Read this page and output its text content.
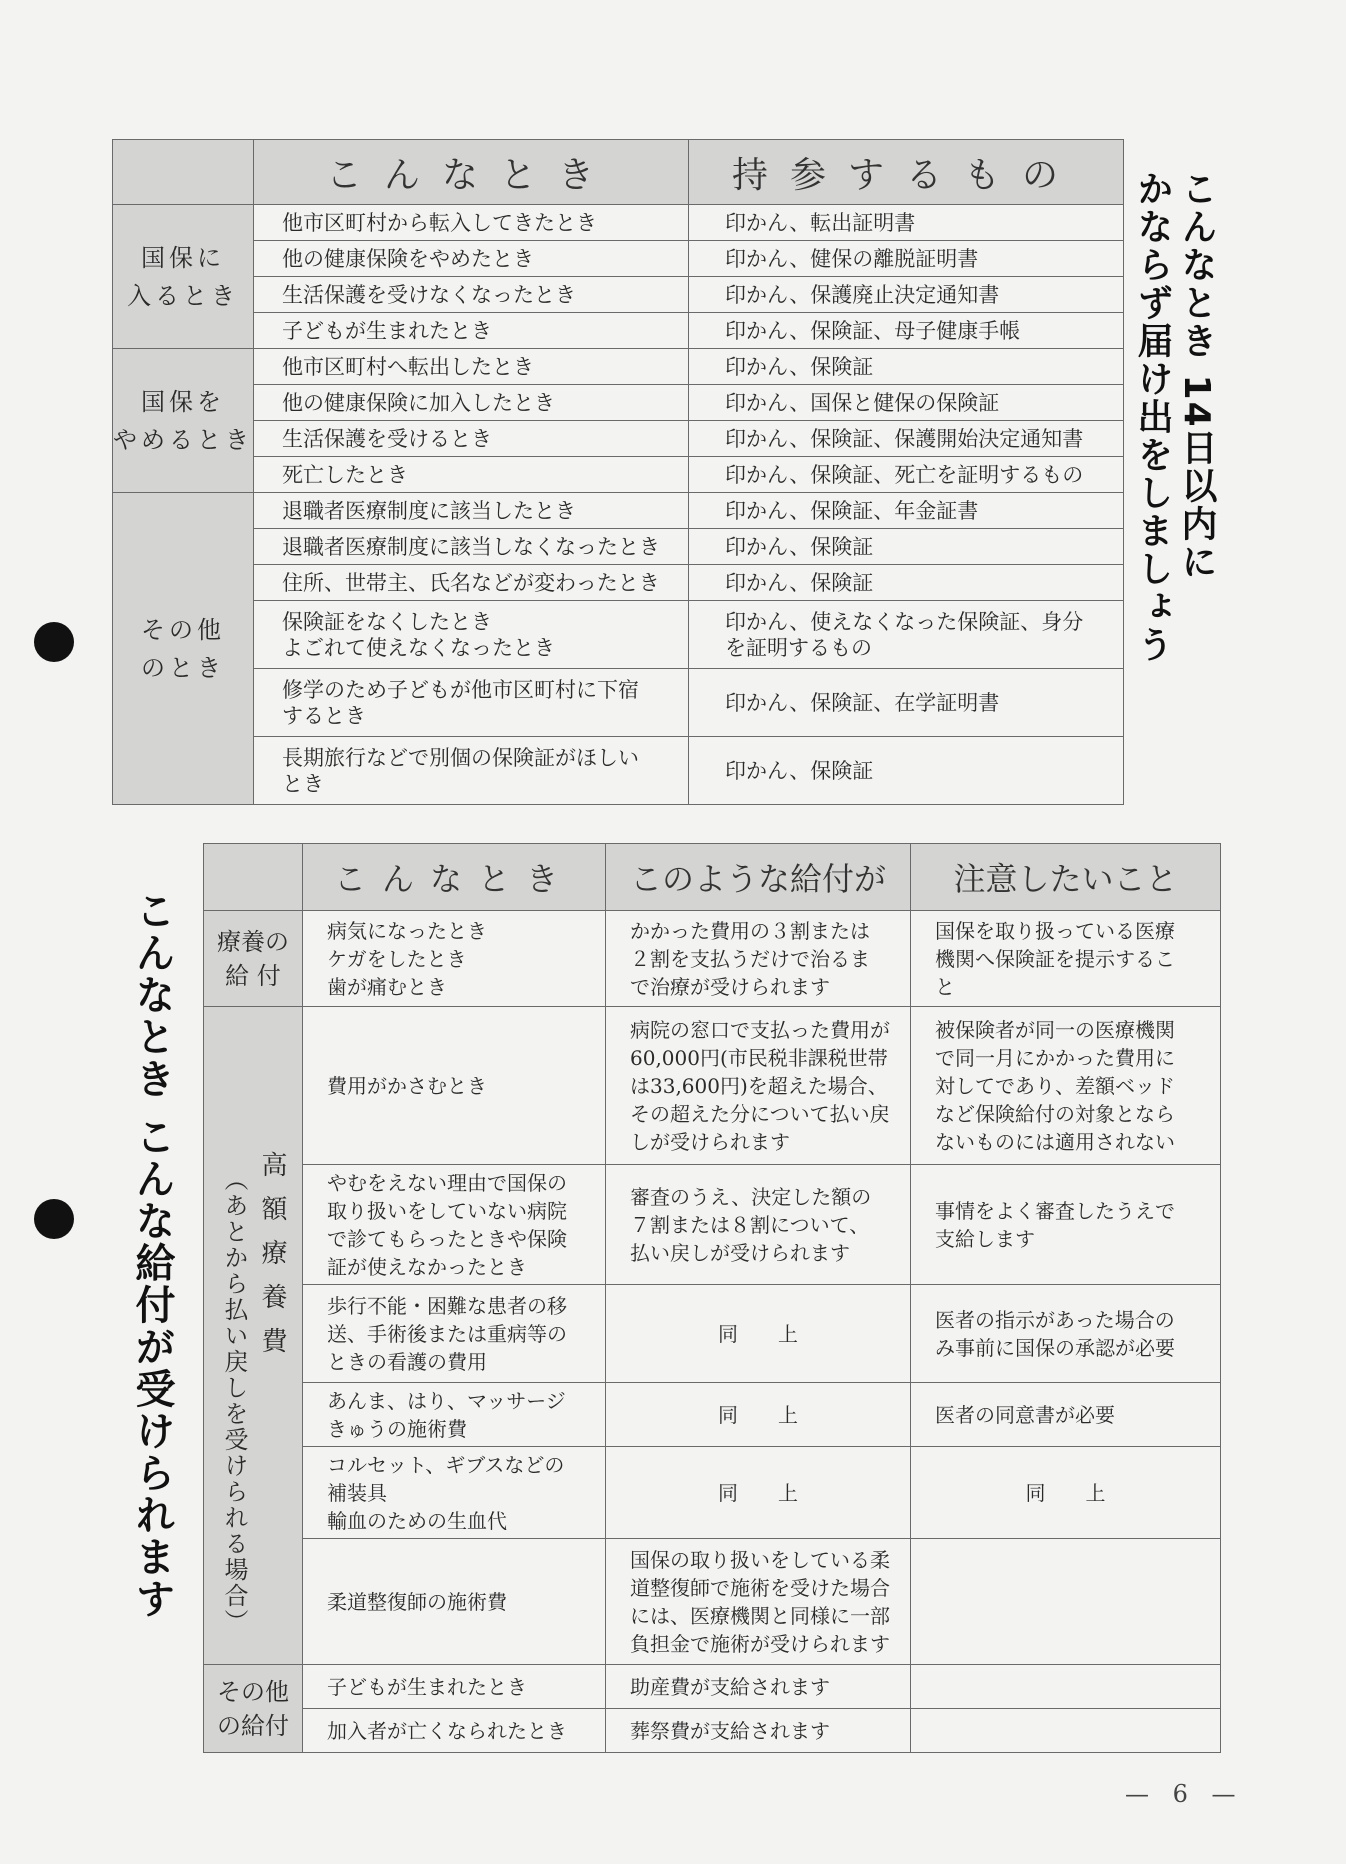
	こんなとき	持参するもの

国保に
入るとき	他市区町村から転入してきたとき	印かん、転出証明書
	他の健康保険をやめたとき	印かん、健保の離脱証明書
	生活保護を受けなくなったとき	印かん、保護廃止決定通知書
	子どもが生まれたとき	印かん、保険証、母子健康手帳

国保を
やめるとき	他市区町村へ転出したとき	印かん、保険証
	他の健康保険に加入したとき	印かん、国保と健保の保険証
	生活保護を受けるとき	印かん、保険証、保護開始決定通知書
	死亡したとき	印かん、保険証、死亡を証明するもの

その他
のとき	退職者医療制度に該当したとき	印かん、保険証、年金証書
	退職者医療制度に該当しなくなったとき	印かん、保険証
	住所、世帯主、氏名などが変わったとき	印かん、保険証

	保険証をなくしたとき
よごれて使えなくなったとき	印かん、使えなくなった保険証、身分
を証明するもの

	修学のため子どもが他市区町村に下宿
するとき	印かん、保険証、在学証明書

	長期旅行などで別個の保険証がほしい
とき	印かん、保険証
こんなとき 14日以内に
かならず届け出をしましょう
こんなとき こんな給付が受けられます
	こんなとき	このような給付が	注意したいこと

療養の
給 付	病気になったとき
ケガをしたとき
歯が痛むとき	かかった費用の３割または
２割を支払うだけで治るま
で治療が受けられます	国保を取り扱っている医療
機関へ保険証を提示するこ
と

高額療養費
（あとから払い戻しを受けられる場合）	費用がかさむとき	病院の窓口で支払った費用が
60,000円(市民税非課税世帯
は33,600円)を超えた場合、
その超えた分について払い戻
しが受けられます	被保険者が同一の医療機関
で同一月にかかった費用に
対してであり、差額ベッド
など保険給付の対象となら
ないものには適用されない

	やむをえない理由で国保の
取り扱いをしていない病院
で診てもらったときや保険
証が使えなかったとき	審査のうえ、決定した額の
７割または８割について、
払い戻しが受けられます	事情をよく審査したうえで
支給します

	歩行不能・困難な患者の移
送、手術後または重病等の
ときの看護の費用	同　　上	医者の指示があった場合の
み事前に国保の承認が必要

	あんま、はり、マッサージ
きゅうの施術費	同　　上	医者の同意書が必要

	コルセット、ギブスなどの
補装具
輸血のための生血代	同　　上	同　　上
	柔道整復師の施術費	国保の取り扱いをしている柔
道整復師で施術を受けた場合
には、医療機関と同様に一部
負担金で施術が受けられます	

その他
の給付	子どもが生まれたとき	助産費が支給されます	
	加入者が亡くなられたとき	葬祭費が支給されます	
— 6 —
